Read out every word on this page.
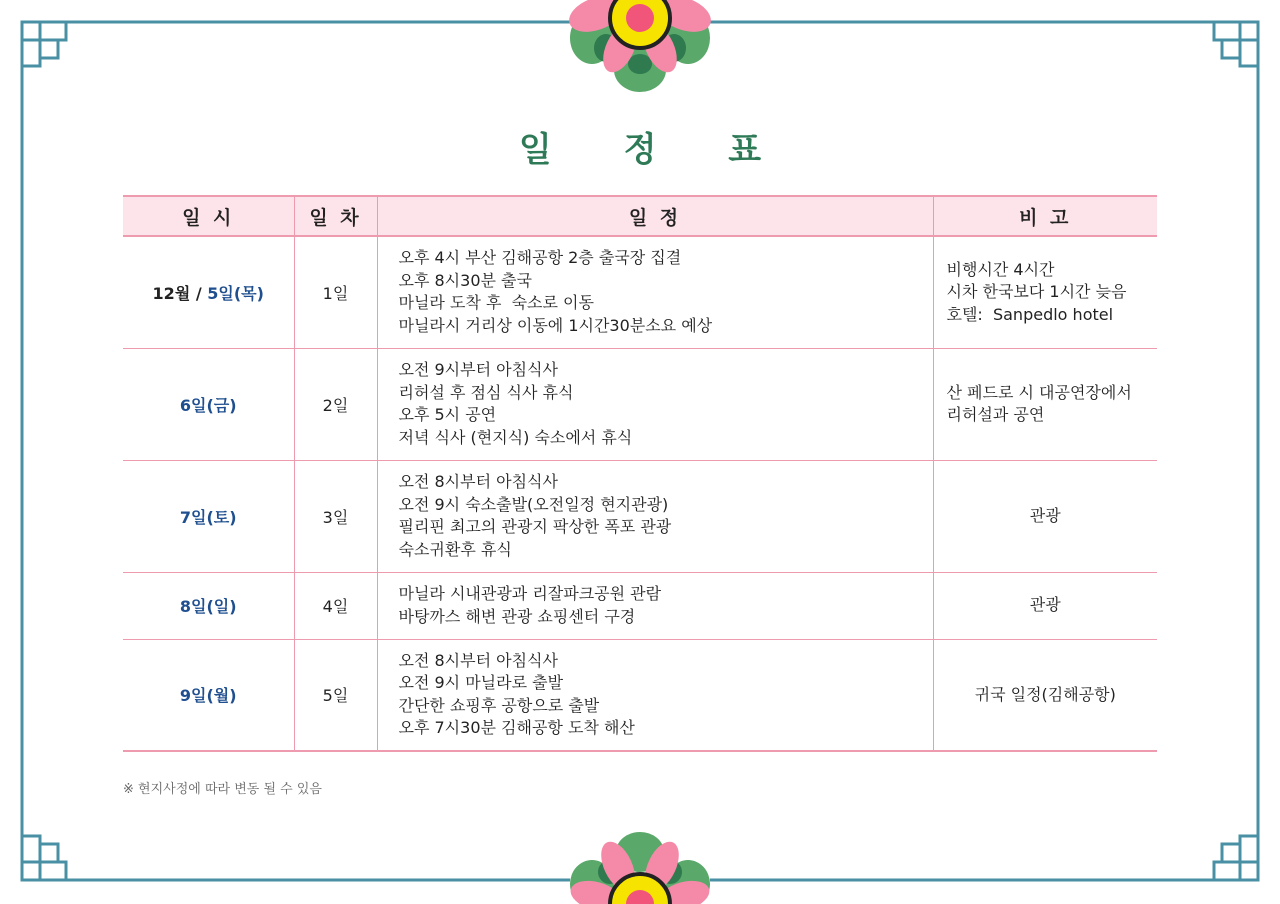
일 정 표
일 시	일 차	일 정	비 고
12월 / 5일(목)	1일	오후 4시 부산 김해공항 2층 출국장 집결
오후 8시30분 출국
마닐라 도착 후  숙소로 이동
마닐라시 거리상 이동에 1시간30분소요 예상	비행시간 4시간
시차 한국보다 1시간 늦음
호텔:  Sanpedlo hotel

6일(금)	2일	오전 9시부터 아침식사
리허설 후 점심 식사 휴식
오후 5시 공연
저녁 식사 (현지식) 숙소에서 휴식	산 페드로 시 대공연장에서
리허설과 공연

7일(토)	3일	오전 8시부터 아침식사
오전 9시 숙소출발(오전일정 현지관광)
필리핀 최고의 관광지 팍상한 폭포 관광
숙소귀환후 휴식	관광

8일(일)	4일	마닐라 시내관광과 리잘파크공원 관람
바탕까스 해변 관광 쇼핑센터 구경	관광

9일(월)	5일	오전 8시부터 아침식사
오전 9시 마닐라로 출발
간단한 쇼핑후 공항으로 출발
오후 7시30분 김해공항 도착 해산	귀국 일정(김해공항)
※ 현지사정에 따라 변동 될 수 있음
